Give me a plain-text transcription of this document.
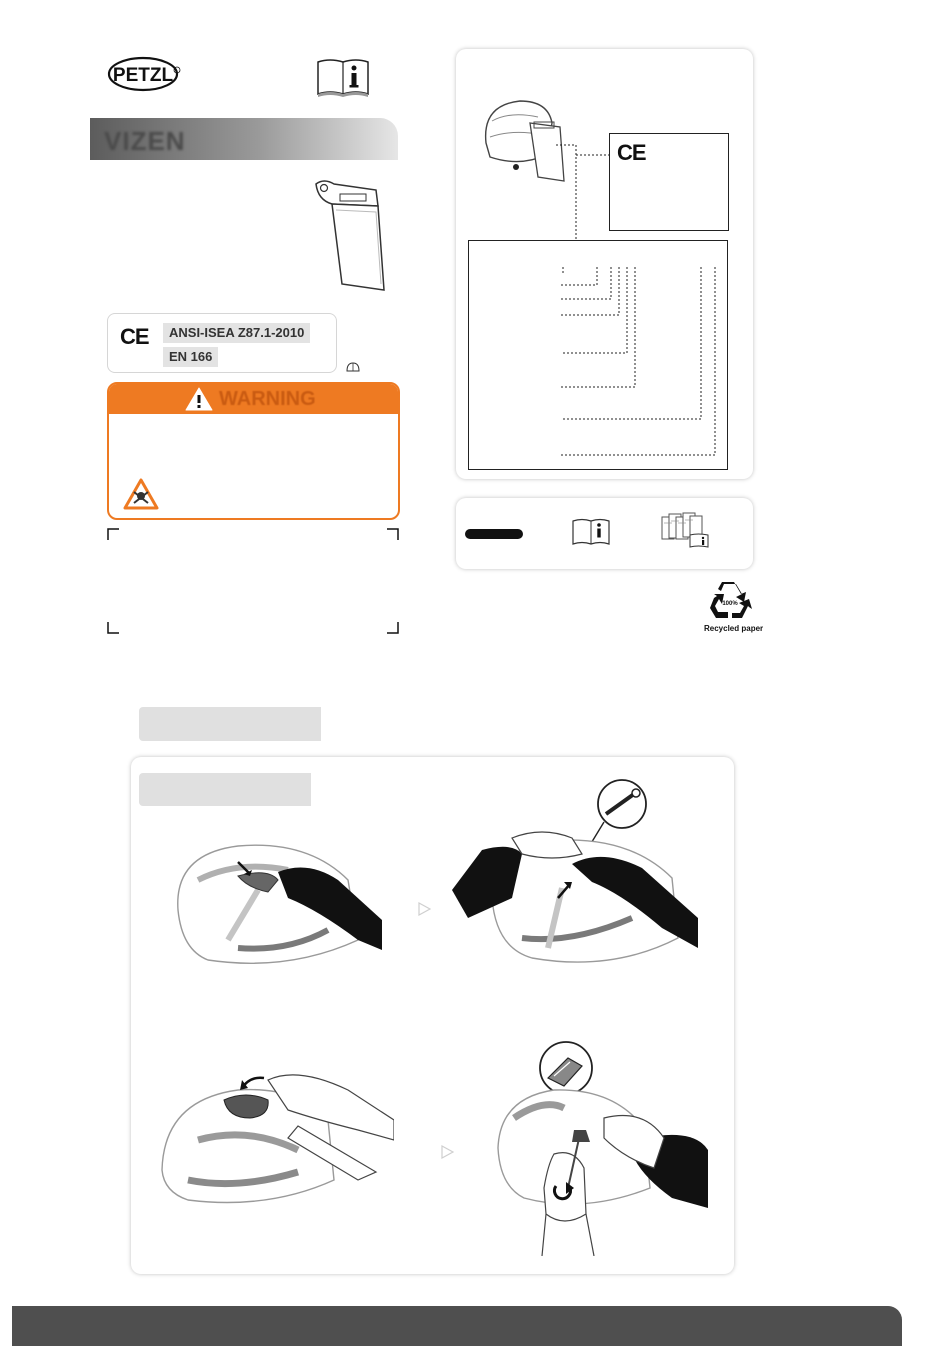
PETZL
VIZEN
CE	ANSI-ISEA Z87.1-2010
EN 166
WARNING
CE
100%
Recycled paper
